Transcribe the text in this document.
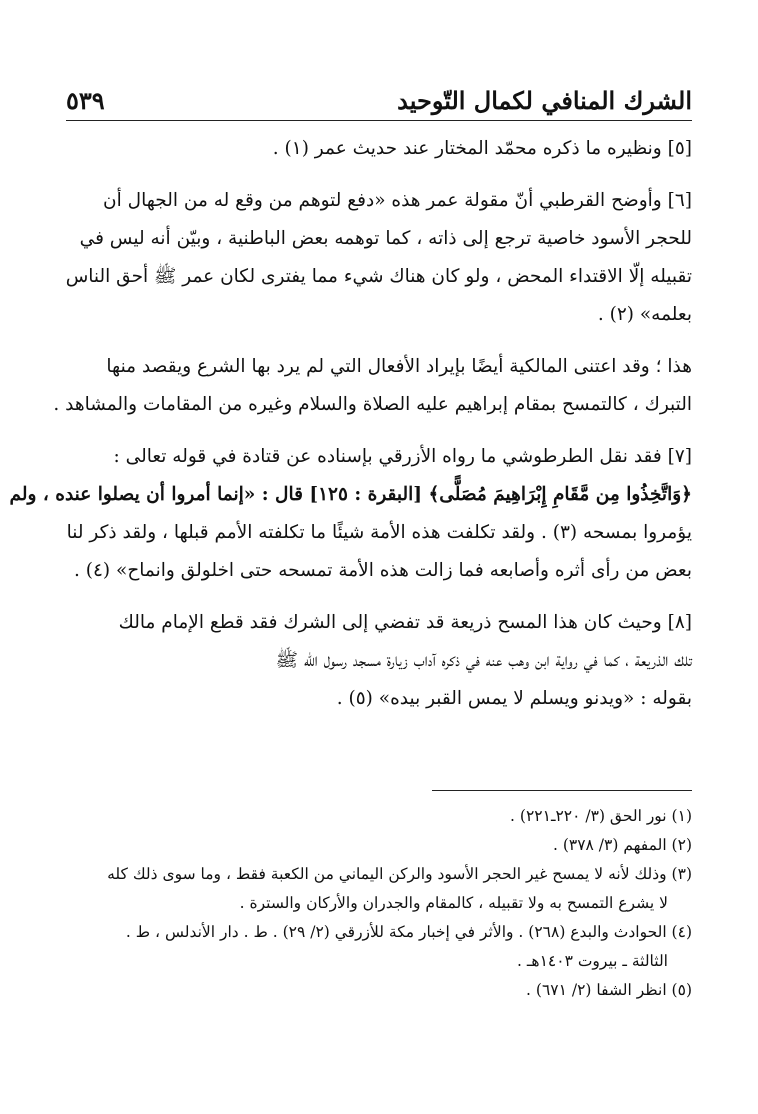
الشرك المنافي لكمال التّوحيد
٥٣٩
[٥] ونظيره ما ذكره محمّد المختار عند حديث عمر (١) .
[٦] وأوضح القرطبي أنّ مقولة عمر هذه «دفع لتوهم من وقع له من الجهال أن
للحجر الأسود خاصية ترجع إلى ذاته ، كما توهمه بعض الباطنية ، وبيّن أنه ليس في
تقبيله إلّا الاقتداء المحض ، ولو كان هناك شيء مما يفترى لكان عمر ﷺ أحق الناس
بعلمه» (٢) .
هذا ؛ وقد اعتنى المالكية أيضًا بإيراد الأفعال التي لم يرد بها الشرع ويقصد منها
التبرك ، كالتمسح بمقام إبراهيم عليه الصلاة والسلام وغيره من المقامات والمشاهد .
[٧] فقد نقل الطرطوشي ما رواه الأزرقي بإسناده عن قتادة في قوله تعالى :
﴿وَاتَّخِذُوا مِن مَّقَامِ إِبْرَاهِيمَ مُصَلًّى﴾ [البقرة : ١٢٥] قال : «إنما أمروا أن يصلوا عنده ، ولم
يؤمروا بمسحه (٣) . ولقد تكلفت هذه الأمة شيئًا ما تكلفته الأمم قبلها ، ولقد ذكر لنا
بعض من رأى أثره وأصابعه فما زالت هذه الأمة تمسحه حتى اخلولق وانماح» (٤) .
[٨] وحيث كان هذا المسح ذريعة قد تفضي إلى الشرك فقد قطع الإمام مالك
تلك الذريعة ، كما في رواية ابن وهب عنه في ذكره آداب زيارة مسجد رسول الله ﷺ
بقوله : «ويدنو ويسلم لا يمس القبر بيده» (٥) .
(١) نور الحق (٣/ ٢٢٠ـ٢٢١) .
(٢) المفهم (٣/ ٣٧٨) .
(٣) وذلك لأنه لا يمسح غير الحجر الأسود والركن اليماني من الكعبة فقط ، وما سوى ذلك كله
لا يشرع التمسح به ولا تقبيله ، كالمقام والجدران والأركان والسترة .
(٤) الحوادث والبدع (٢٦٨) . والأثر في إخبار مكة للأزرقي (٢/ ٢٩) . ط . دار الأندلس ، ط .
الثالثة ـ بيروت ١٤٠٣هـ .
(٥) انظر الشفا (٢/ ٦٧١) .
